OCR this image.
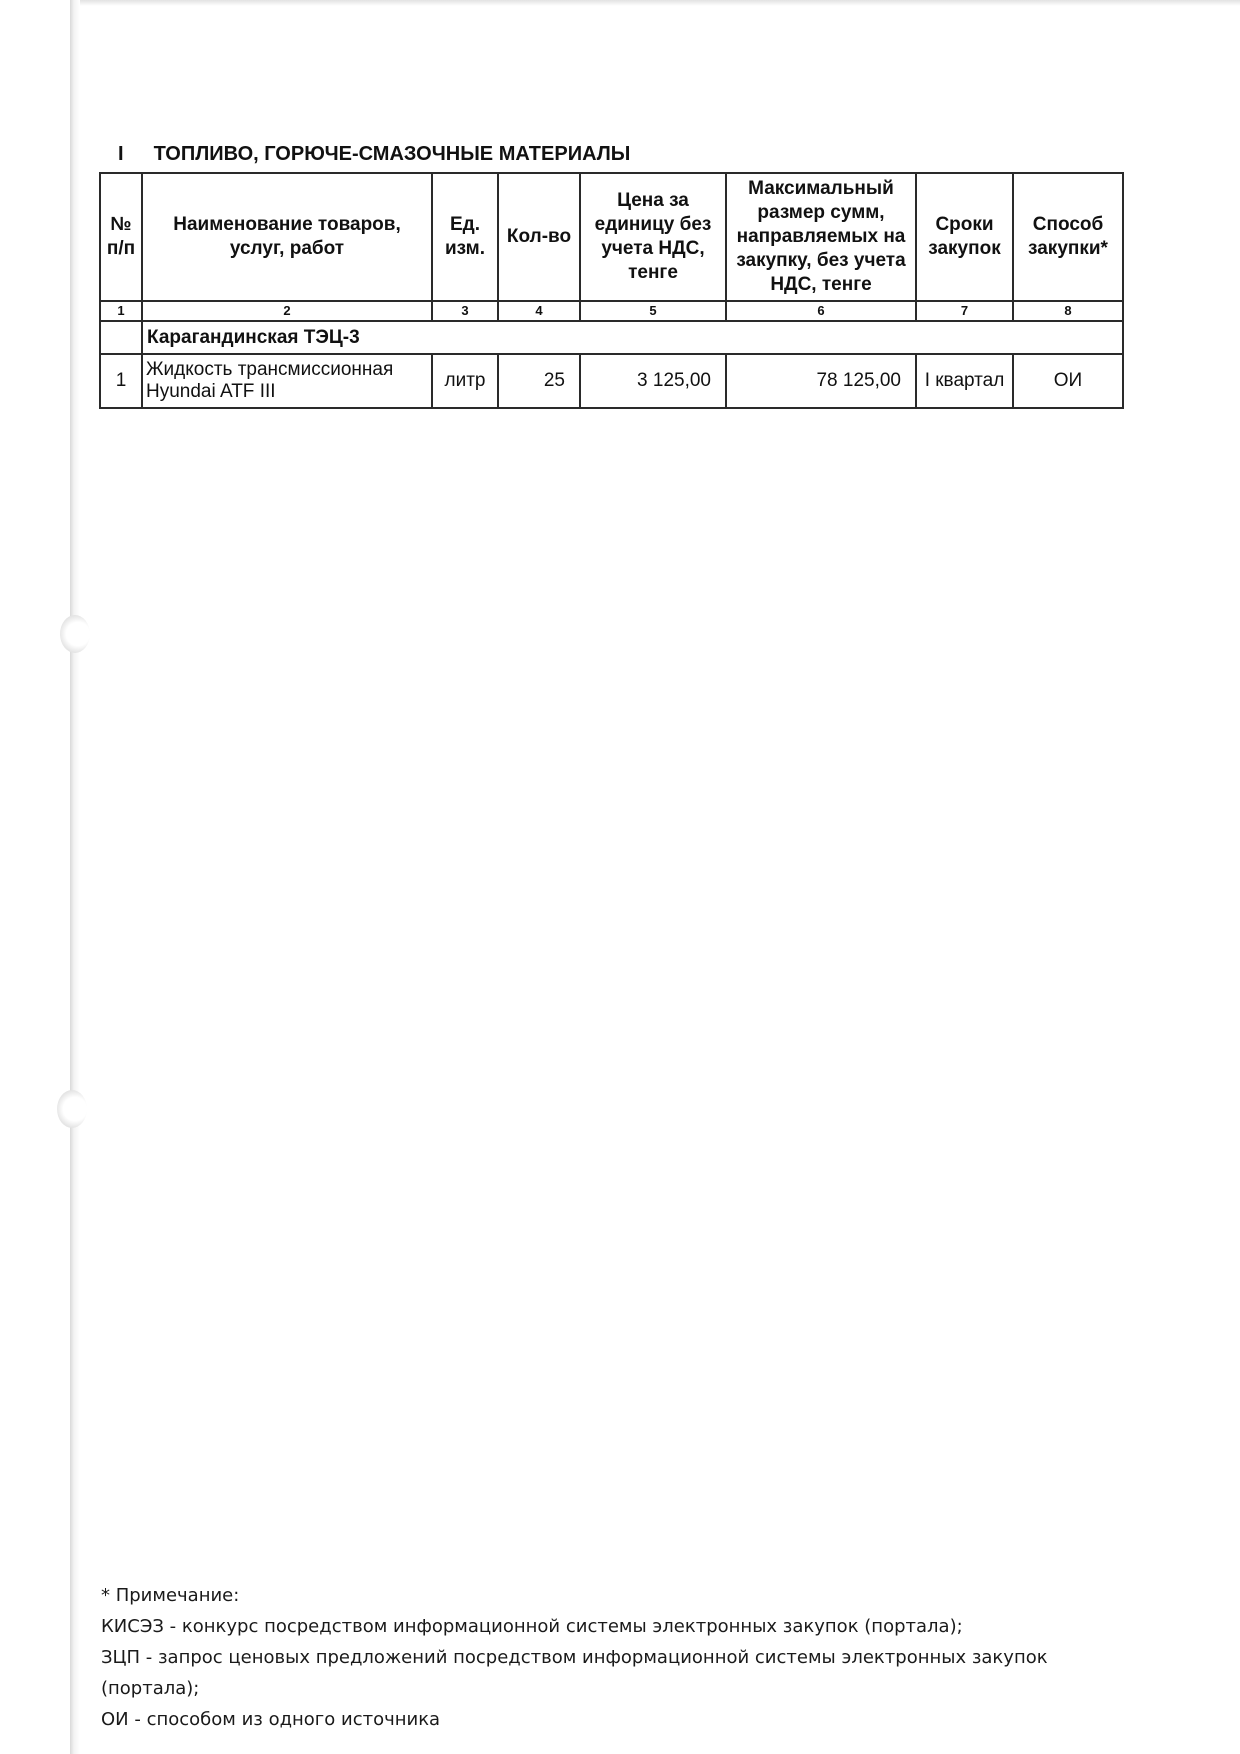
I ТОПЛИВО, ГОРЮЧЕ-СМАЗОЧНЫЕ МАТЕРИАЛЫ
№ п/п	Наименование товаров, услуг, работ	Ед. изм.	Кол-во	Цена за единицу без учета НДС, тенге	Максимальный размер сумм, направляемых на закупку, без учета НДС, тенге	Сроки закупок	Способ закупки*
1	2	3	4	5	6	7	8
	Карагандинская ТЭЦ-3						
1	Жидкость трансмиссионная Hyundai ATF III	литр	25	3 125,00	78 125,00	I квартал	ОИ
* Примечание:
КИСЭЗ - конкурс посредством информационной системы электронных закупок (портала);
ЗЦП - запрос ценовых предложений посредством информационной системы электронных закупок
(портала);
ОИ - способом из одного источника
